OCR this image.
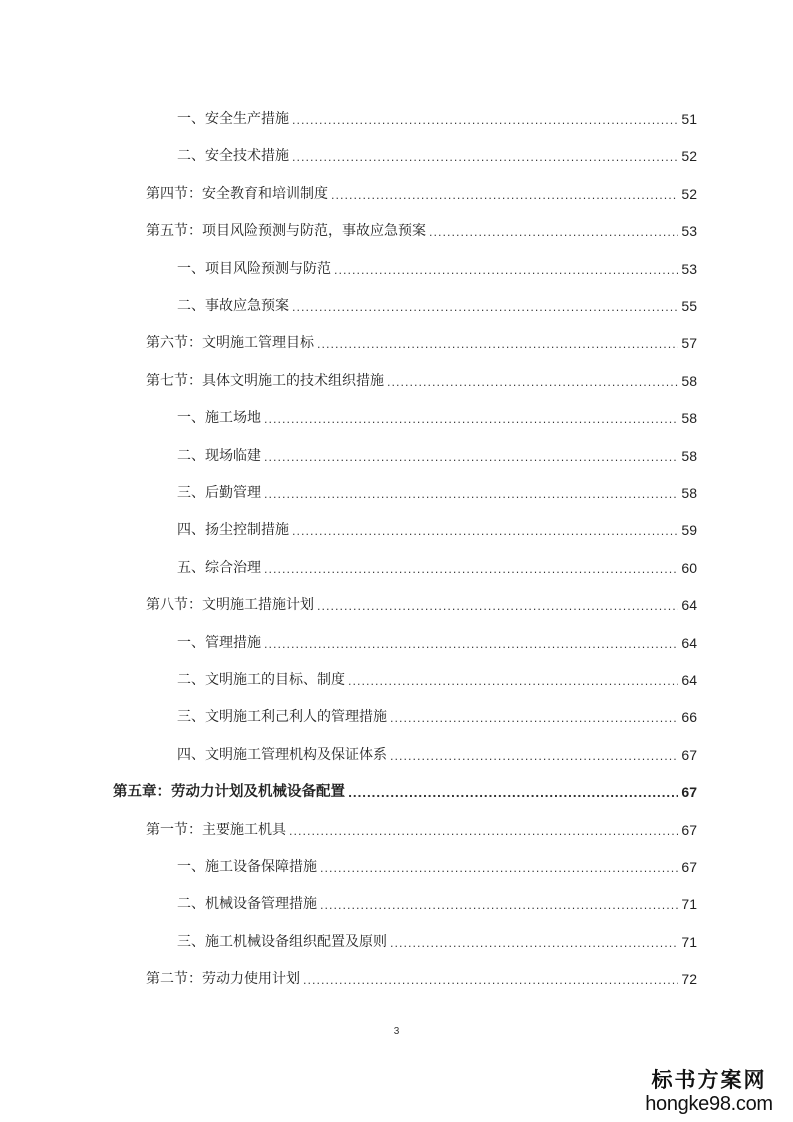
一、安全生产措施 .....	51
二、安全技术措施 .....	52
第四节：安全教育和培训制度 .....	52
第五节：项目风险预测与防范，事故应急预案 .....	53
一、项目风险预测与防范 .....	53
二、事故应急预案 .....	55
第六节：文明施工管理目标 .....	57
第七节：具体文明施工的技术组织措施 .....	58
一、施工场地 .....	58
二、现场临建 .....	58
三、后勤管理 .....	58
四、扬尘控制措施 .....	59
五、综合治理 .....	60
第八节：文明施工措施计划 .....	64
一、管理措施 .....	64
二、文明施工的目标、制度 .....	64
三、文明施工利己利人的管理措施 .....	66
四、文明施工管理机构及保证体系 .....	67
第五章：劳动力计划及机械设备配置 .....	67
第一节：主要施工机具 .....	67
一、施工设备保障措施 .....	67
二、机械设备管理措施 .....	71
三、施工机械设备组织配置及原则 .....	71
第二节：劳动力使用计划 .....	72
3
标书方案网
hongke98.com
